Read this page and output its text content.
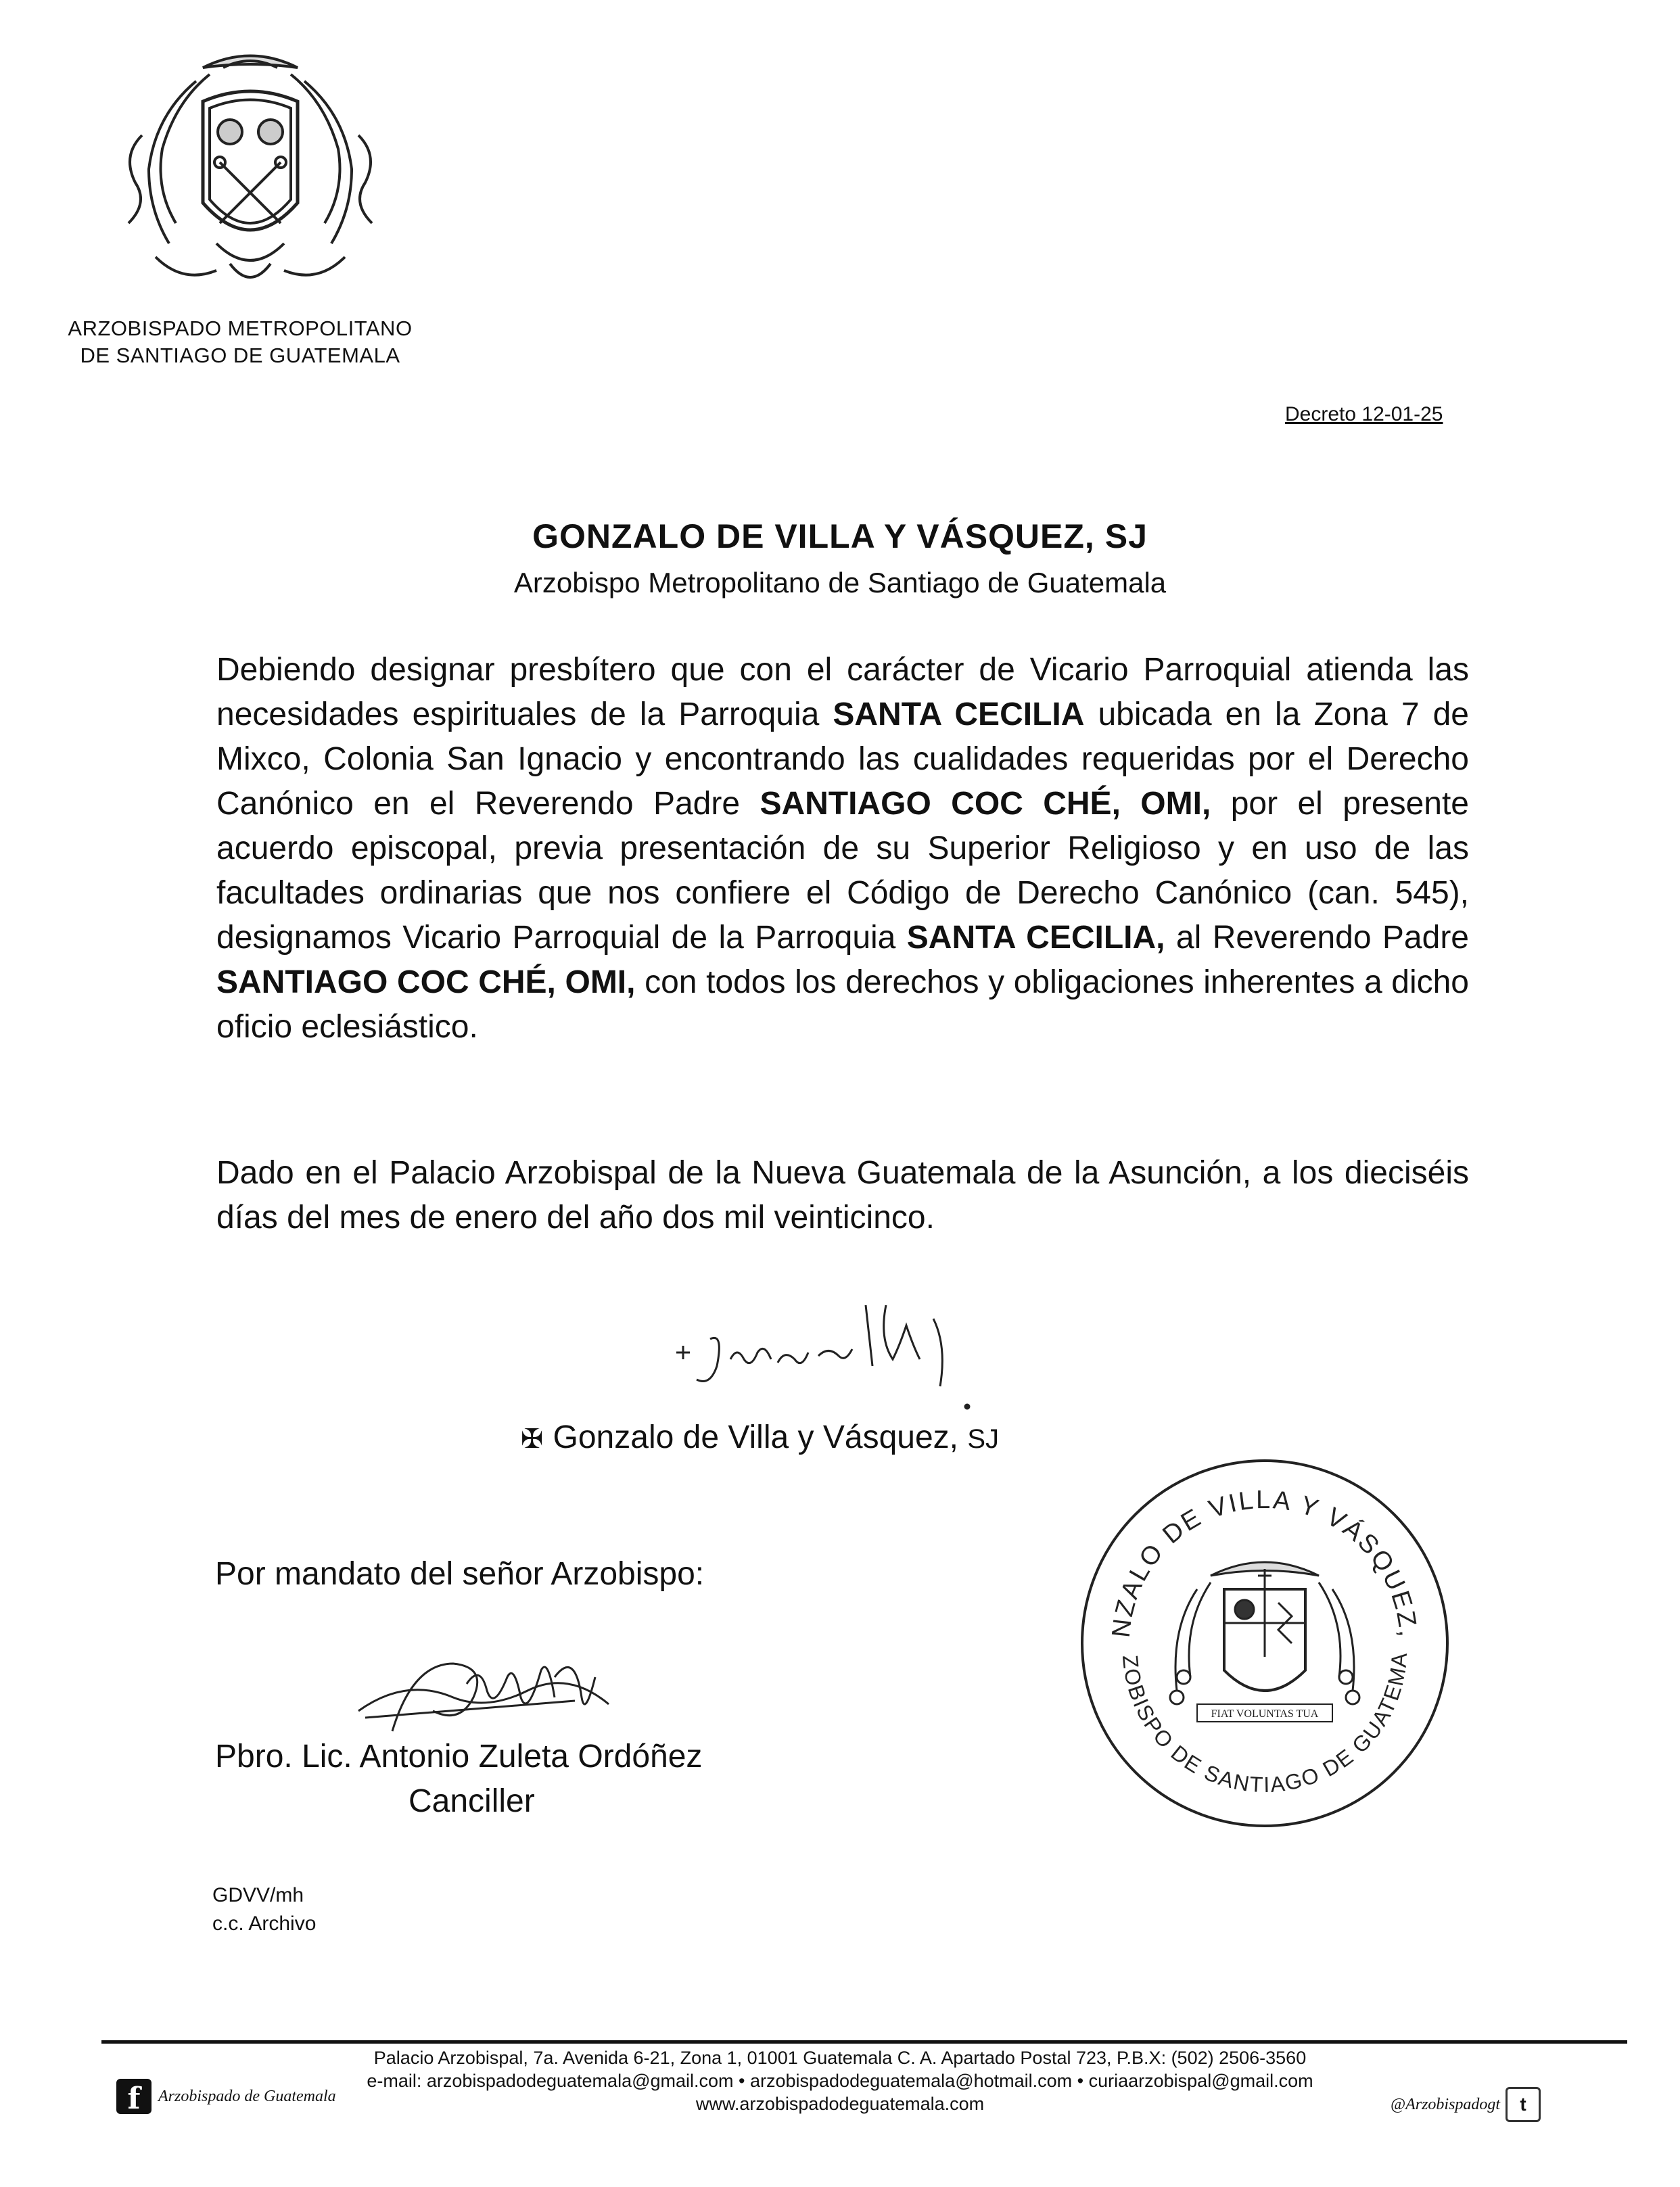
ARZOBISPADO METROPOLITANO
DE SANTIAGO DE GUATEMALA
Decreto 12-01-25
GONZALO DE VILLA Y VÁSQUEZ, SJ
Arzobispo Metropolitano de Santiago de Guatemala
Debiendo designar presbítero que con el carácter de Vicario Parroquial atienda las necesidades espirituales de la Parroquia SANTA CECILIA ubicada en la Zona 7 de Mixco, Colonia San Ignacio y encontrando las cualidades requeridas por el Derecho Canónico en el Reverendo Padre SANTIAGO COC CHÉ, OMI, por el presente acuerdo episcopal, previa presentación de su Superior Religioso y en uso de las facultades ordinarias que nos confiere el Código de Derecho Canónico (can. 545), designamos Vicario Parroquial de la Parroquia SANTA CECILIA, al Reverendo Padre SANTIAGO COC CHÉ, OMI, con todos los derechos y obligaciones inherentes a dicho oficio eclesiástico.
Dado en el Palacio Arzobispal de la Nueva Guatemala de la Asunción, a los dieciséis días del mes de enero del año dos mil veinticinco.
✠ Gonzalo de Villa y Vásquez, SJ
Por mandato del señor Arzobispo:
Pbro. Lic. Antonio Zuleta Ordóñez
Canciller
NZALO DE VILLA Y VÁSQUEZ,
ZOBISPO DE SANTIAGO DE GUATEMA
FIAT VOLUNTAS TUA
GDVV/mh
c.c. Archivo
Palacio Arzobispal, 7a. Avenida 6-21, Zona 1, 01001 Guatemala C. A. Apartado Postal 723, P.B.X: (502) 2506-3560
e-mail: arzobispadodeguatemala@gmail.com • arzobispadodeguatemala@hotmail.com • curiaarzobispal@gmail.com
www.arzobispadodeguatemala.com
f	Arzobispado de Guatemala	@Arzobispadogt	t
